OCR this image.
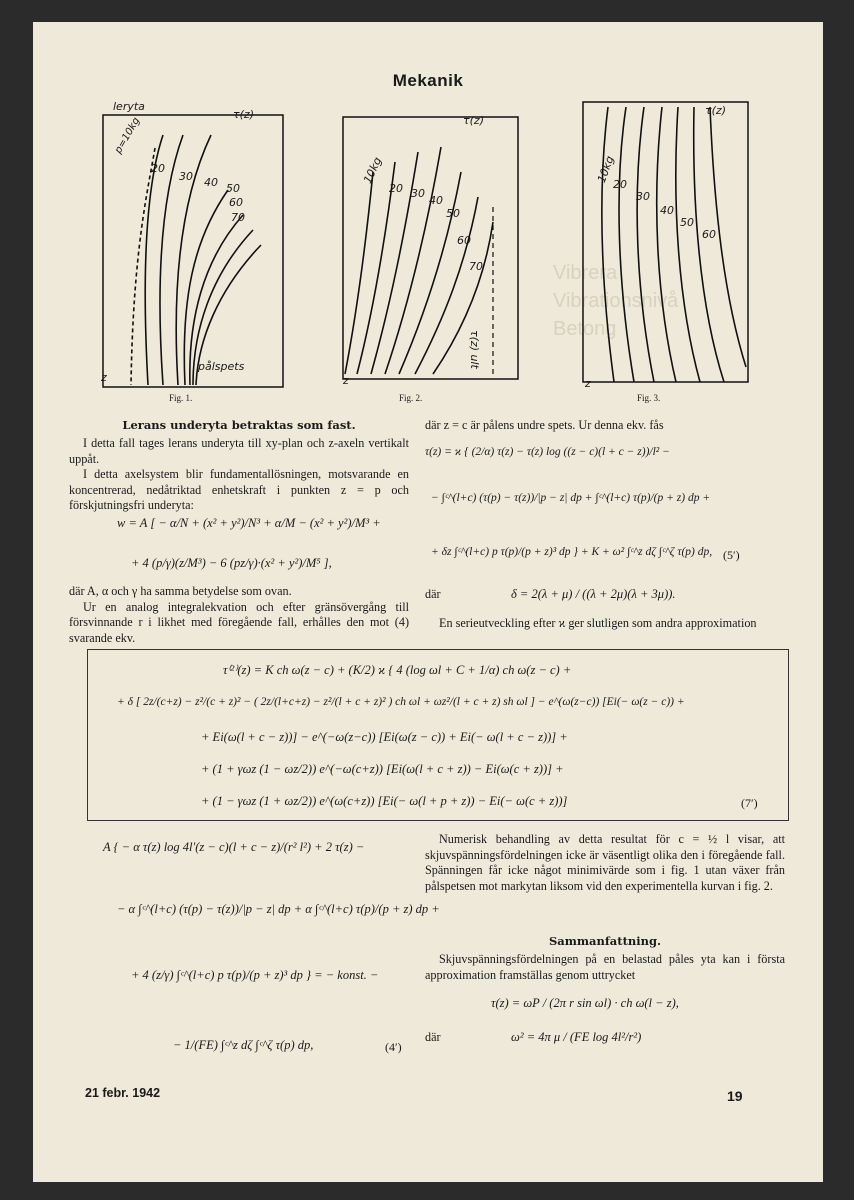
Vibrera
Vibrationsnivå
Betong
Mekanik
leryta
τ(z)
p=10kg
20
30 40 50
60
70
pålspets
z
Fig. 1.
τ(z)
10kg
20 30
40
50
60
70
τ(z) ult
z
Fig. 2.
τ(z)
10kg
20
30
40
50
60
z
Fig. 3.
Lerans underyta betraktas som fast.

I detta fall tages lerans underyta till xy-plan och z-axeln vertikalt uppåt.

I detta axelsystem blir fundamentallösningen, motsvarande en koncentrerad, nedåtriktad enhetskraft i punkten z = p och förskjutningsfri underyta:

w = A [ − α/N + (x² + y²)/N³ + α/M − (x² + y²)/M³ +
+ 4 (p/γ)(z/M³) − 6 (pz/γ)·(x² + y²)/M⁵ ],

där A, α och γ ha samma betydelse som ovan.

Ur en analog integralekvation och efter gränsövergång till försvinnande r i likhet med föregående fall, erhålles den mot (4) svarande ekv.

där z = c är pålens undre spets. Ur denna ekv. fås
τ(z) = ϰ { (2/α) τ(z) − τ(z) log ((z − c)(l + c − z))/l² −
− ∫ᶜ^(l+c) (τ(p) − τ(z))/|p − z| dp + ∫ᶜ^(l+c) τ(p)/(p + z) dp +
+ δz ∫ᶜ^(l+c) p τ(p)/(p + z)³ dp } + K + ω² ∫ᶜ^z dζ ∫ᶜ^ζ τ(p) dp, (5′)
där	δ = 2(λ + μ) / ((λ + 2μ)(λ + 3μ)).

En serieutveckling efter ϰ ger slutligen som andra approximation

τ⁽²⁾(z) = K ch ω(z − c) + (K/2) ϰ { 4 (log ωl + C + 1/α) ch ω(z − c) +
+ δ [ 2z/(c+z) − z²/(c + z)² − ( 2z/(l+c+z) − z²/(l + c + z)² ) ch ωl + ωz²/(l + c + z) sh ωl ] − e^(ω(z−c)) [Ei(− ω(z − c)) +
+ Ei(ω(l + c − z))] − e^(−ω(z−c)) [Ei(ω(z − c)) + Ei(− ω(l + c − z))] +
+ (1 + γωz (1 − ωz/2)) e^(−ω(c+z)) [Ei(ω(l + c + z)) − Ei(ω(c + z))] +
+ (1 − γωz (1 + ωz/2)) e^(ω(c+z)) [Ei(− ω(l + p + z)) − Ei(− ω(c + z))]	(7′)
A { − α τ(z) log 4l′(z − c)(l + c − z)/(r² l²) + 2 τ(z) −
− α ∫ᶜ^(l+c) (τ(p) − τ(z))/|p − z| dp + α ∫ᶜ^(l+c) τ(p)/(p + z) dp +
+ 4 (z/γ) ∫ᶜ^(l+c) p τ(p)/(p + z)³ dp } = − konst. −
− 1/(FE) ∫ᶜ^z dζ ∫ᶜ^ζ τ(p) dp,	(4′)

Numerisk behandling av detta resultat för c = ½ l visar, att skjuvspänningsfördelningen icke är väsentligt olika den i föregående fall. Spänningen får icke något minimivärde som i fig. 1 utan växer från pålspetsen mot markytan liksom vid den experimentella kurvan i fig. 2.

Sammanfattning.

Skjuvspänningsfördelningen på en belastad påles yta kan i första approximation framställas genom uttrycket

τ(z) = ωP / (2π r sin ωl) · ch ω(l − z),
där	ω² = 4π μ / (FE log 4l²/r²)
21 febr. 1942	19
